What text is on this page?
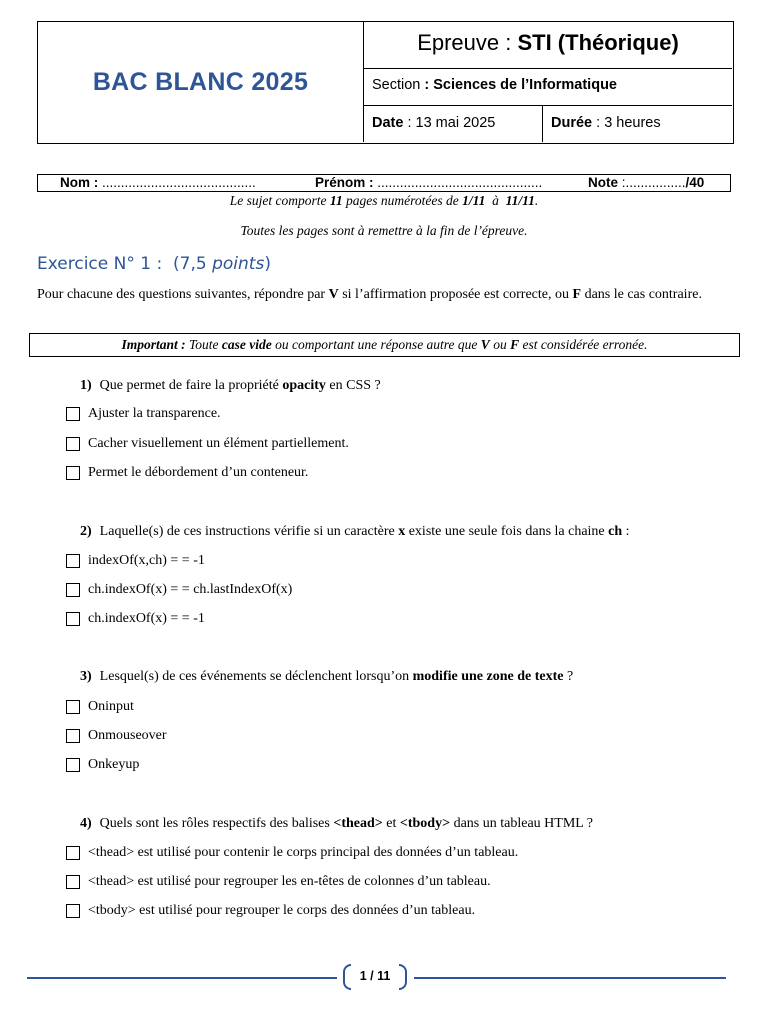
BAC BLANC 2025
Epreuve : STI (Théorique)
Section : Sciences de l’Informatique
Date : 13 mai 2025	Durée : 3 heures
Nom : .........................................	Prénom : ............................................	Note :................/40
Le sujet comporte 11 pages numérotées de 1/11  à  11/11.
Toutes les pages sont à remettre à la fin de l’épreuve.
Exercice N° 1 :  (7,5 points)
Pour chacune des questions suivantes, répondre par V si l’affirmation proposée est correcte, ou F dans le cas contraire.
Important : Toute case vide ou comportant une réponse autre que V ou F est considérée erronée.
1) Que permet de faire la propriété opacity en CSS ?
Ajuster la transparence.
Cacher visuellement un élément partiellement.
Permet le débordement d’un conteneur.
2) Laquelle(s) de ces instructions vérifie si un caractère x existe une seule fois dans la chaine ch :
indexOf(x,ch) = = -1
ch.indexOf(x) = = ch.lastIndexOf(x)
ch.indexOf(x) = = -1
3) Lesquel(s) de ces événements se déclenchent lorsqu’on modifie une zone de texte ?
Oninput
Onmouseover
Onkeyup
4) Quels sont les rôles respectifs des balises <thead> et <tbody> dans un tableau HTML ?
<thead> est utilisé pour contenir le corps principal des données d’un tableau.
<thead> est utilisé pour regrouper les en-têtes de colonnes d’un tableau.
<tbody> est utilisé pour regrouper le corps des données d’un tableau.
1 / 11
